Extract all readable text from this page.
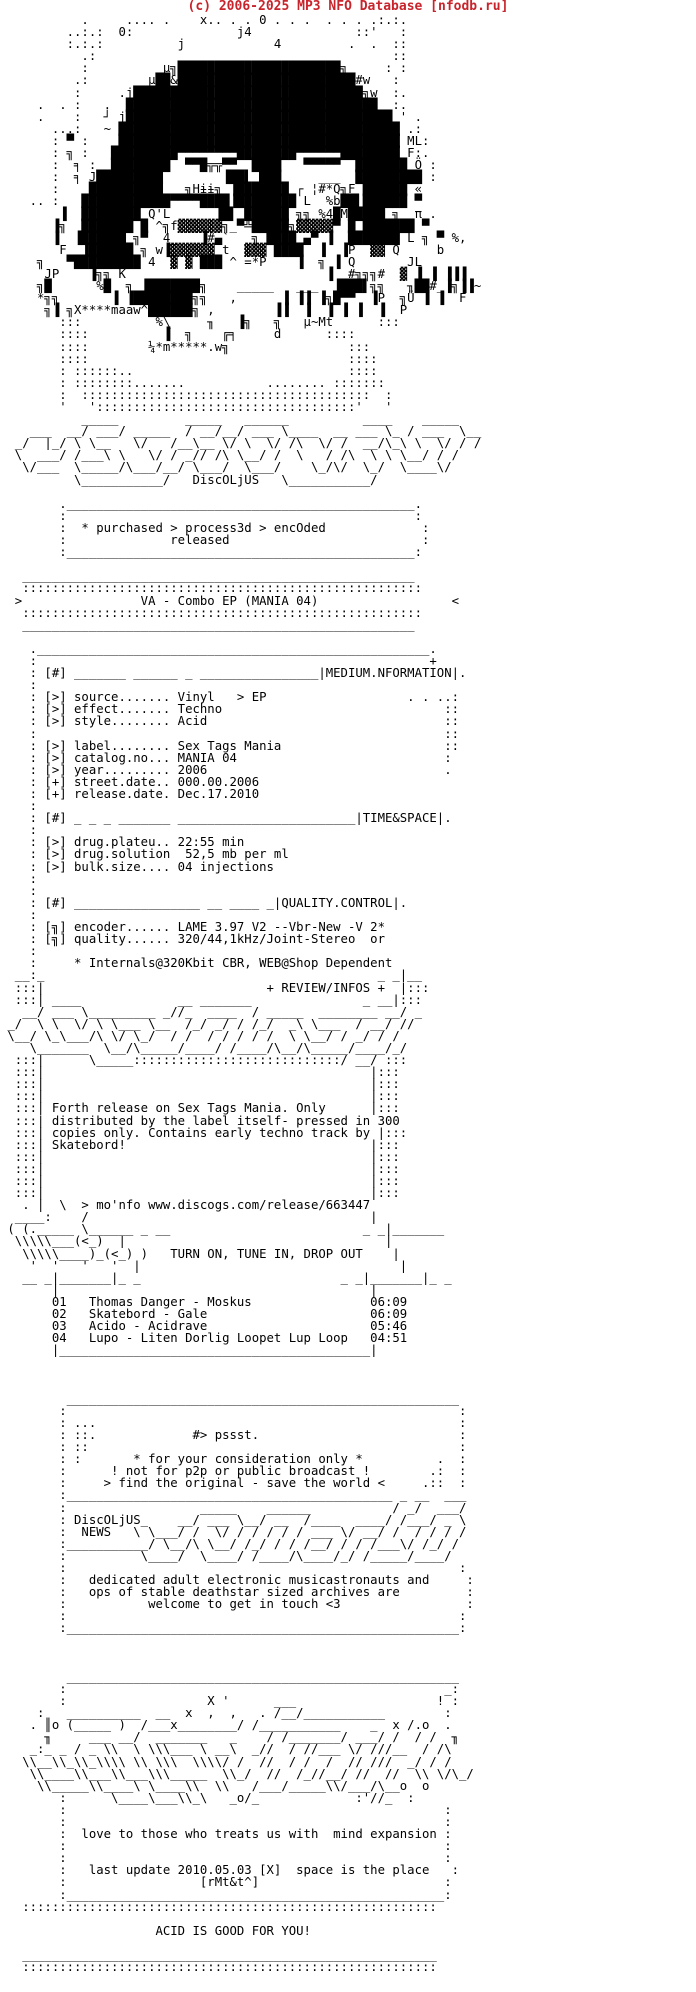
(c) 2006-2025 MP3 NFO Database [nfodb.ru]
.     .... .    x.. . . 0 . . .  . . . .:.:.
..:.:  0:              j4              ::'   :
:.:.:          j            4         .  .  ::
.:            _____________________       ::
:         _µ╗██████████████████████╗_    : :
.:       _µ██&████████████████████████#w   :
:     .j███████████████████████████████╗w  :.
.  . :   .  ██████████████████████████████████  :.
.    :   ┘ j████████████████████████████████████ ' .
...:   ~ ██████████████████████████████████████ .:
: ▀ :   _██████████████████████████████████████ ML:
: ╗ :   █████████▀▀▀▀▀▀▀▀████████▀▀▀▀▀▀████████ F:.
:  ╕ :  ████████  ▀▀█╦╦▀▀  ████   ▀▀▀▀▀  ███████ Ö :
:  ╕ J█████████        ▐██▌ ███     ___  █████████ :
:    ██████████  _╗Hɨɨ╗ ▐███████ ┌ ¦#*Q╗F ██████ «
.. :   ████████████▀▀▀▀████▐████████ L  %b██▌██████ ▀
▐  ████████ Q'L      ▐█▌ ██████ ╗╗ %4█M█████ ╗  π .
▐╗  ███████ █ ^╗f▓▓▓▓▓▓╗_▀╩█████╗▓▓▓▓▓▀ █ ███████ ▀
▐  ▐██████ ╗▀  4_   ▐#▄`   ╗ ████ ▄▀ ▐  ███████ L ╗ ▀ %,
F  ▐██████ ╗ w▐▓▓▓▓▓▓ t  ▓▓▓ ████  ▐  ▐P  ▓▓ Q     b
╗   ▀█████████ 4  ▓ ▓ ███ ^ =*P    ▐  ╗ ▐ Q       JL
JP    ▐╗╗ K                           ▐  #╗╗╗#  ▓ ▐ ▐ ▐▐▐
╗█      %█  ╗ ▐███████╗    _____   ___  ▐███▌╗╗   ╖██#_▐╗▐▐~
*╗╗       ▐ ▐████████╗╗   ,      ▐ ▐▐ ▐╗█▀▀  ▐P  ╗Ü ▐ ▐  F
╗▐ ╗X****maaw^██████╗ ,        ▐▐  ▐  ▐ ▐ ▐  ▐  P
:::          %╲     ╖   ▐╗   ╗   μ~Mt      :::
::::          ▐  ╗    ╔╕     d      ::::
::::        ¼*m*****.w╗                :::
::::                                   ::::
: ::::::..                             ::::
: ::::::::.......           ........ :::::::
:  :::::::::::::::::::::::::::::::::::::::  :
'   ':::::::::::::::::::::::::::::::::::'   '
_____         _____   ______          ____    _____
___  __/ ___/ _____  / __/__/ ___ \____  __ ___ \_ / ___  \__
_/  |_/ \ \__   \/   /__\__ \/ \  \/ /\  \/ /  __/\_\ \  \/ / /
\  ___/ /___\ \   \/ / _// /\ \__/ /  \   / /\  \ \ \__/ / /
\/___  \_____/\___/__/ \___/  \___/    \_/\/  \_/  \____\/
\___________/   DiscOLjUS   \___________/

._______________________________________________.
:                                               :
:  * purchased > process3d > encOded             :
:              released                          :
:_______________________________________________:

_____________________________________________________
::::::::::::::::::::::::::::::::::::::::::::::::::::::
>                VA - Combo EP (MANIA 04)                  <
::::::::::::::::::::::::::::::::::::::::::::::::::::::
_____________________________________________________

._____________________________________________________.
:                                                     +
: [#] _______ ______ _ ________________|MEDIUM.NFORMATION|.
:
: [>] source....... Vinyl   > EP                   . . ..:
: [>] effect....... Techno                              ::
: [>] style........ Acid                                ::
:                                                       ::
: [>] label........ Sex Tags Mania                      ::
: [>] catalog.no... MANIA 04                            :
: [>] year......... 2006                                .
: [+] street.date.. 000.00.2006
: [+] release.date. Dec.17.2010
:
: [#] _ _ _ _______ ________________________|TIME&SPACE|.
:
: [>] drug.plateu.. 22:55 min
: [>] drug.solution  52,5 mb per ml
: [>] bulk.size.... 04 injections
:
:
: [#] _________________ __ ____ _|QUALITY.CONTROL|.
:
: [╗] encoder...... LAME 3.97 V2 --Vbr-New -V 2*
: [╗] quality...... 320/44,1kHz/Joint-Stereo  or
:
:     * Internals@320Kbit CBR, WEB@Shop Dependent
__:_                                             _ _|__
:::|                              + REVIEW/INFOS +  |:::
:::| ____             __ _______               _ __|:::
__/ ___ \_________ _//_  ____  / _____  ________ __/ _
_/  \ \  \/ \ \___ \__  /_/ _/ / /_/  _\ \___  / __/ //
\__/ \_\___/\ \/ \_/  / /  / / / / /  \ \__/ / _/ / /
\_______  \__/\_____/____/ /____/\__/\_____/____/_/
:::|      \_____::::::::::::::::::::::::::::/ __/ :::
:::|                                            |:::
:::|                                            |:::
:::|                                            |:::
:::| Forth release on Sex Tags Mania. Only      |:::
:::| distributed by the label itself- pressed in 300
:::| copies only. Contains early techno track by |:::
:::| Skatebord!                                 |:::
:::|                                            |:::
:::|                                            |:::
:::|                                            |:::
:::|                                            |:::
. |  \  > mo'nfo www.discogs.com/release/663447
____:    /                                      |
( (._____ \______ _ __                          _ _|_______
\\\\\___(<_)  |                                   |
\\\\\____)_(<_) )   TURN ON, TUNE IN, DROP OUT    |
'  '   '   '  |                                   |
__ _|_______|_ _                           _ _|_______|_ _
|                                          |
01   Thomas Danger - Moskus                06:09
02   Skatebord - Gale                      06:09
03   Acido - Acidrave                      05:46
04   Lupo - Liten Dorlig Loopet Lup Loop   04:51
|__________________________________________|

_____________________________________________________
:                                                     :
: ...                                                 :
: ::.             #> pssst.                           :
: ::                                                  :
: :       * for your consideration only *          .  :
:      ! not for p2p or public broadcast !        .:  :
:     > find the original - save the world <     .::  :
:____________________________________________ _ __  ___
:                  _____    ______           / _/  ___/
: DiscOLjUS_    __/ ___ \__/ __  /____  ____/ /___/ _ \
:  NEWS   \ \___/ /  \/ / / / / / ___ \/ __/ /  / / / /
:___________/ \__/\ \__/ /_/ / / /__/ / / /___\/ /_/ /
:          \____/  \____/ /____/\____/_/ /_____/____/
:                                                     :
:   dedicated adult electronic musicastronauts and     :
:   ops of stable deathstar sized archives are         :
:           welcome to get in touch <3                 :
:                                                     :
:_____________________________________________________:

_____________________________________________________
:                                                   _:
:                   X '      ___                   ! :
:   __________  __  x  ,  ,   . /__/___________        :
. ║o (_____ )  /___x________/ /___________    _  x /.o  .
╖     ___ __/  _______   _    / /_______/ ___/ /  / /  ╖
_:_ _ / _ \\  \ \\\___ \ __\  _//  / //___ \/ ///__  / /\
\\__\\_\\_\\\\ \\ \\\  \\\\/ /  //  / /  /  // ///  _/ / /
\\____\\___\\___\\\_____  \\_/  //  /_//__/ //  //  \\ \/\_/
\\_____\\____\ \____\\  \\   /___/_____\\/___/\__o  o
:      \____\___\\_\   _o/_             :'//_  :
:                                                   :
:                                                   :
:  love to those who treats us with  mind expansion :
:                                                   :
:                                                   :
:   last update 2010.05.03 [X]  space is the place   :
:                  [rMt&t^]                         :
:___________________________________________________:
::::::::::::::::::::::::::::::::::::::::::::::::::::::::

ACID IS GOOD FOR YOU!

________________________________________________________
::::::::::::::::::::::::::::::::::::::::::::::::::::::::
